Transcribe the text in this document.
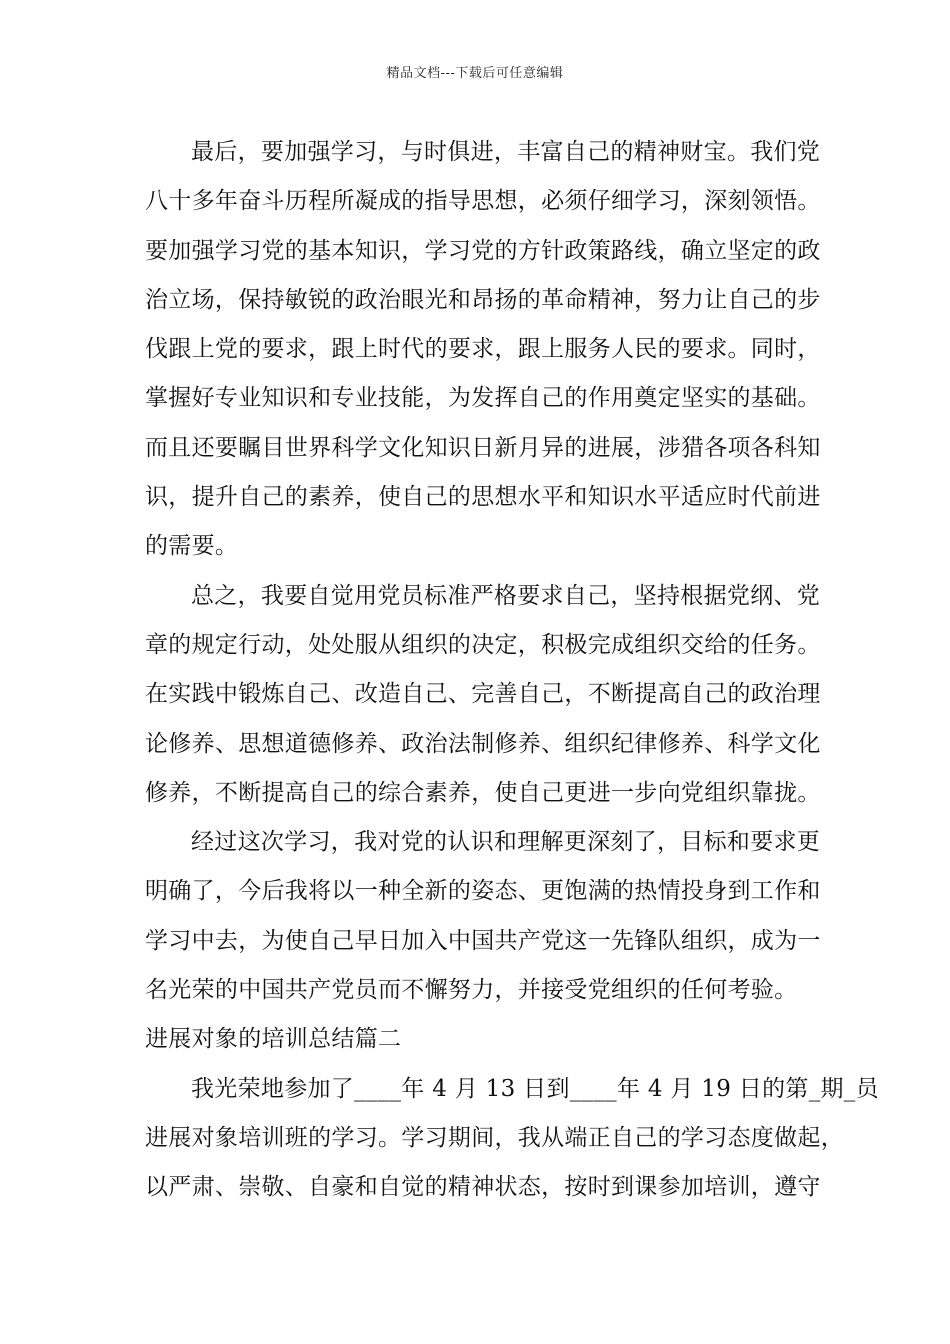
精品文档---下载后可任意编辑
最后，要加强学习，与时俱进，丰富自己的精神财宝。我们党
八十多年奋斗历程所凝成的指导思想，必须仔细学习，深刻领悟。
要加强学习党的基本知识，学习党的方针政策路线，确立坚定的政
治立场，保持敏锐的政治眼光和昂扬的革命精神，努力让自己的步
伐跟上党的要求，跟上时代的要求，跟上服务人民的要求。同时，
掌握好专业知识和专业技能，为发挥自己的作用奠定坚实的基础。
而且还要瞩目世界科学文化知识日新月异的进展，涉猎各项各科知
识，提升自己的素养，使自己的思想水平和知识水平适应时代前进
的需要。
总之，我要自觉用党员标准严格要求自己，坚持根据党纲、党
章的规定行动，处处服从组织的决定，积极完成组织交给的任务。
在实践中锻炼自己、改造自己、完善自己，不断提高自己的政治理
论修养、思想道德修养、政治法制修养、组织纪律修养、科学文化
修养，不断提高自己的综合素养，使自己更进一步向党组织靠拢。
经过这次学习，我对党的认识和理解更深刻了，目标和要求更
明确了，今后我将以一种全新的姿态、更饱满的热情投身到工作和
学习中去，为使自己早日加入中国共产党这一先锋队组织，成为一
名光荣的中国共产党员而不懈努力，并接受党组织的任何考验。
进展对象的培训总结篇二
我光荣地参加了____年 4 月 13 日到____年 4 月 19 日的第_期_员
进展对象培训班的学习。学习期间，我从端正自己的学习态度做起，
以严肃、崇敬、自豪和自觉的精神状态，按时到课参加培训，遵守
